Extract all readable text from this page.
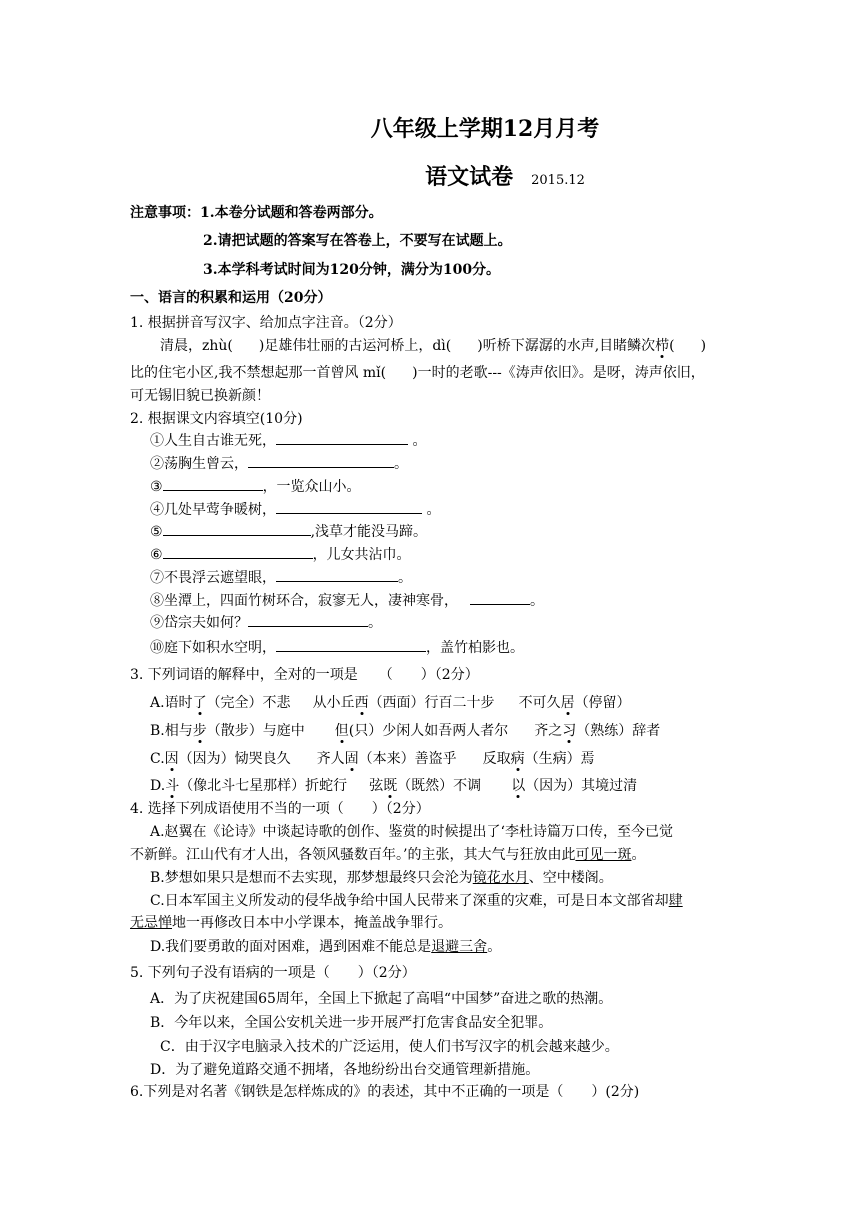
八年级上学期12月月考
语文试卷 2015.12
注意事项：1.本卷分试题和答卷两部分。
2.请把试题的答案写在答卷上，不要写在试题上。
3.本学科考试时间为120分钟，满分为100分。
一、语言的积累和运用（20分）
1. 根据拼音写汉字、给加点字注音。（2分）
清晨，zhù( )足雄伟壮丽的古运河桥上，dì( )听桥下潺潺的水声,目睹鳞次栉( )
比的住宅小区,我不禁想起那一首曾风 mǐ( )一时的老歌---《涛声依旧》。是呀，涛声依旧，
可无锡旧貌已换新颜！
2. 根据课文内容填空(10分)
①人生自古谁无死，	。
②荡胸生曾云，	。
③	，一览众山小。
④几处早莺争暖树，	。
⑤	,浅草才能没马蹄。
⑥	，儿女共沾巾。
⑦不畏浮云遮望眼，	。
⑧坐潭上，四面竹树环合，寂寥无人，凄神寒骨，	。
⑨岱宗夫如何？	。
⑩庭下如积水空明，	，盖竹柏影也。
3. 下列词语的解释中，全对的一项是　　（　　）（2分）
A.语时了（完全）不悲 从小丘西（西面）行百二十步 不可久居（停留）
B.相与步（散步）与庭中 但(只）少闲人如吾两人者尔 齐之习（熟练）辞者
C.因（因为）恸哭良久 齐人固（本来）善盗乎 反取病（生病）焉
D.斗（像北斗七星那样）折蛇行 弦既（既然）不调 以（因为）其境过清
4. 选择下列成语使用不当的一项（　　）（2分）
A.赵翼在《论诗》中谈起诗歌的创作、鉴赏的时候提出了‘李杜诗篇万口传，至今已觉
不新鲜。江山代有才人出，各领风骚数百年。’的主张，其大气与狂放由此可见一斑。
B.梦想如果只是想而不去实现，那梦想最终只会沦为镜花水月、空中楼阁。
C.日本军国主义所发动的侵华战争给中国人民带来了深重的灾难，可是日本文部省却肆
无忌惮地一再修改日本中小学课本，掩盖战争罪行。
D.我们要勇敢的面对困难，遇到困难不能总是退避三舍。
5. 下列句子没有语病的一项是（　　）（2分）
A．为了庆祝建国65周年，全国上下掀起了高唱“中国梦”奋进之歌的热潮。
B．今年以来，全国公安机关进一步开展严打危害食品安全犯罪。
C．由于汉字电脑录入技术的广泛运用，使人们书写汉字的机会越来越少。
D．为了避免道路交通不拥堵，各地纷纷出台交通管理新措施。
6.下列是对名著《钢铁是怎样炼成的》的表述，其中不正确的一项是（　　）(2分)
